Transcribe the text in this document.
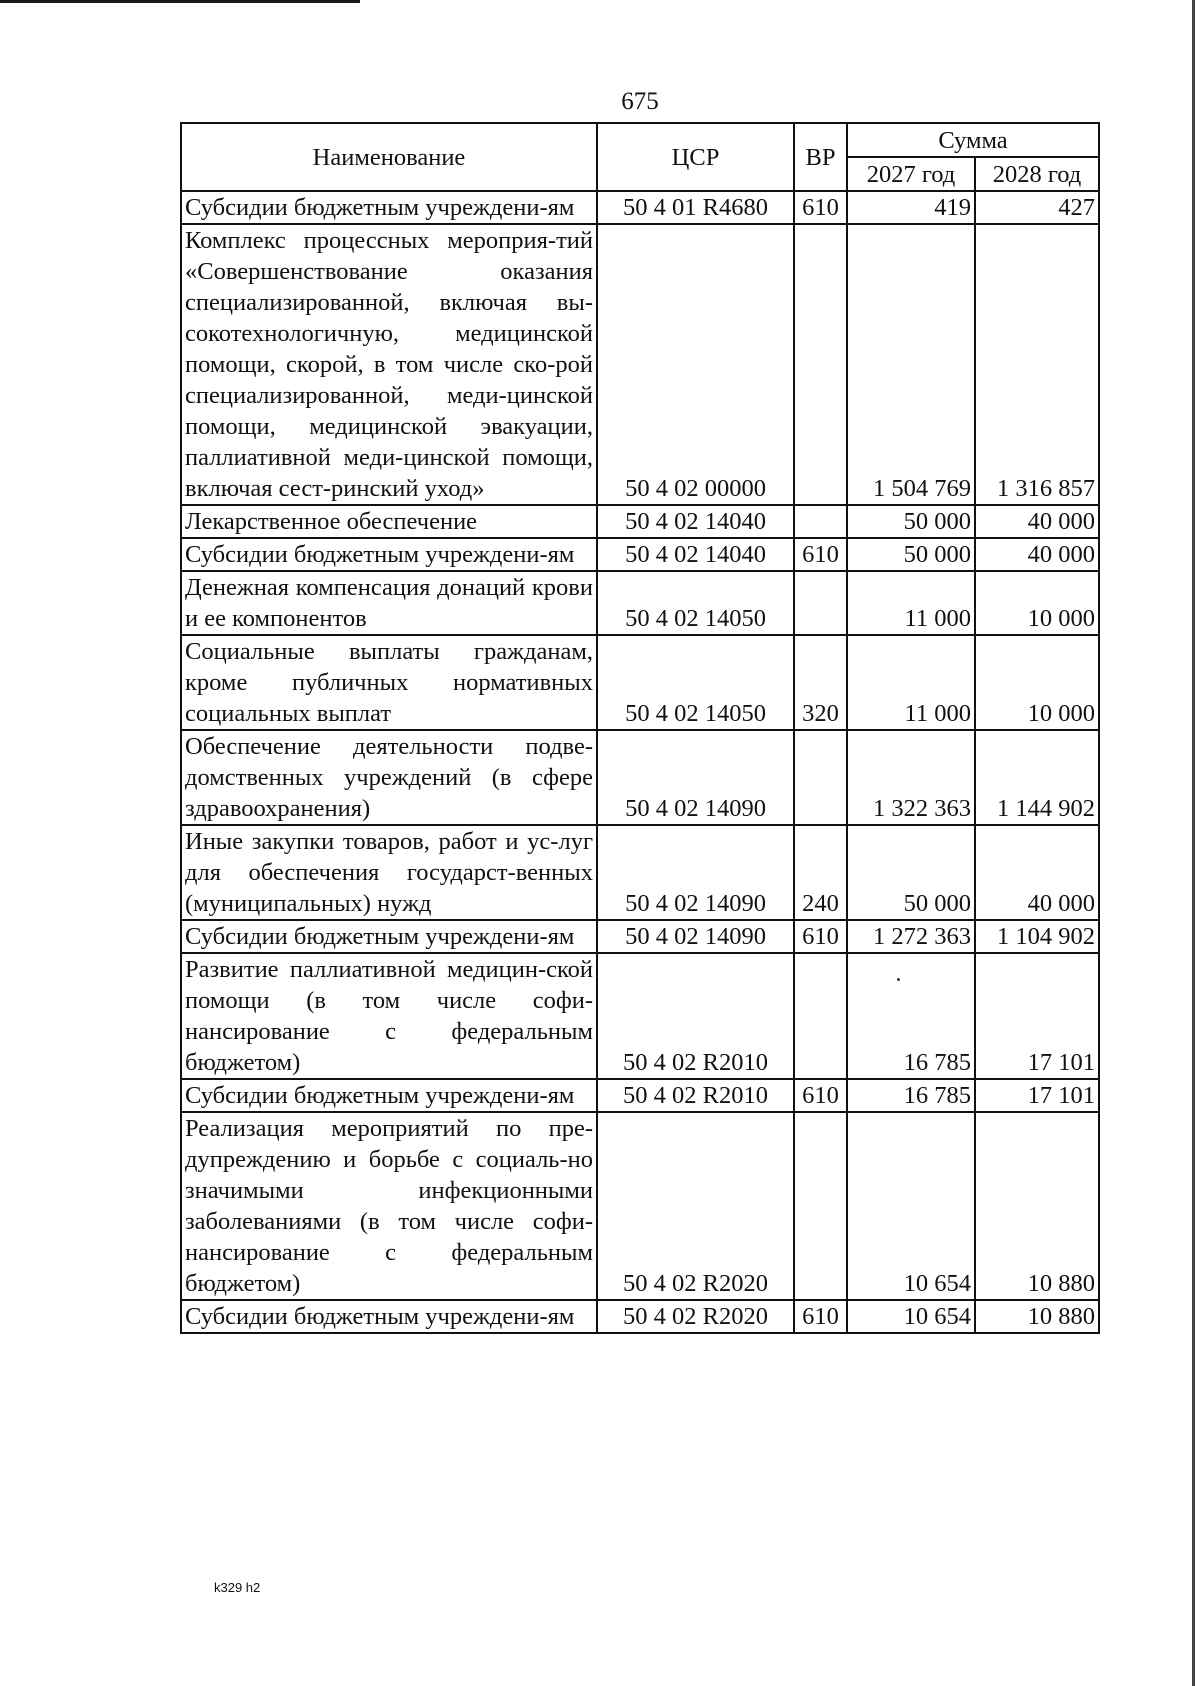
675
Наименование	ЦСР	ВР	Сумма	
			2027 год	2028 год
Субсидии бюджетным учреждени-ям	50 4 01 R4680	610	419	427
Комплекс процессных мероприя-тий «Совершенствование оказания специализированной, включая вы-сокотехнологичную, медицинской помощи, скорой, в том числе ско-рой специализированной, меди-цинской помощи, медицинской эвакуации, паллиативной меди-цинской помощи, включая сест-ринский уход»	50 4 02 00000		1 504 769	1 316 857
Лекарственное обеспечение	50 4 02 14040		50 000	40 000
Субсидии бюджетным учреждени-ям	50 4 02 14040	610	50 000	40 000
Денежная компенсация донаций крови и ее компонентов	50 4 02 14050		11 000	10 000
Социальные выплаты гражданам, кроме публичных нормативных социальных выплат	50 4 02 14050	320	11 000	10 000
Обеспечение деятельности подве-домственных учреждений (в сфере здравоохранения)	50 4 02 14090		1 322 363	1 144 902
Иные закупки товаров, работ и ус-луг для обеспечения государст-венных (муниципальных) нужд	50 4 02 14090	240	50 000	40 000
Субсидии бюджетным учреждени-ям	50 4 02 14090	610	1 272 363	1 104 902
Развитие паллиативной медицин-ской помощи (в том числе софи-нансирование с федеральным бюджетом)	50 4 02 R2010		16 785	17 101
Субсидии бюджетным учреждени-ям	50 4 02 R2010	610	16 785	17 101
Реализация мероприятий по пре-дупреждению и борьбе с социаль-но значимыми инфекционными заболеваниями (в том числе софи-нансирование с федеральным бюджетом)	50 4 02 R2020		10 654	10 880
Субсидии бюджетным учреждени-ям	50 4 02 R2020	610	10 654	10 880
k329 h2
